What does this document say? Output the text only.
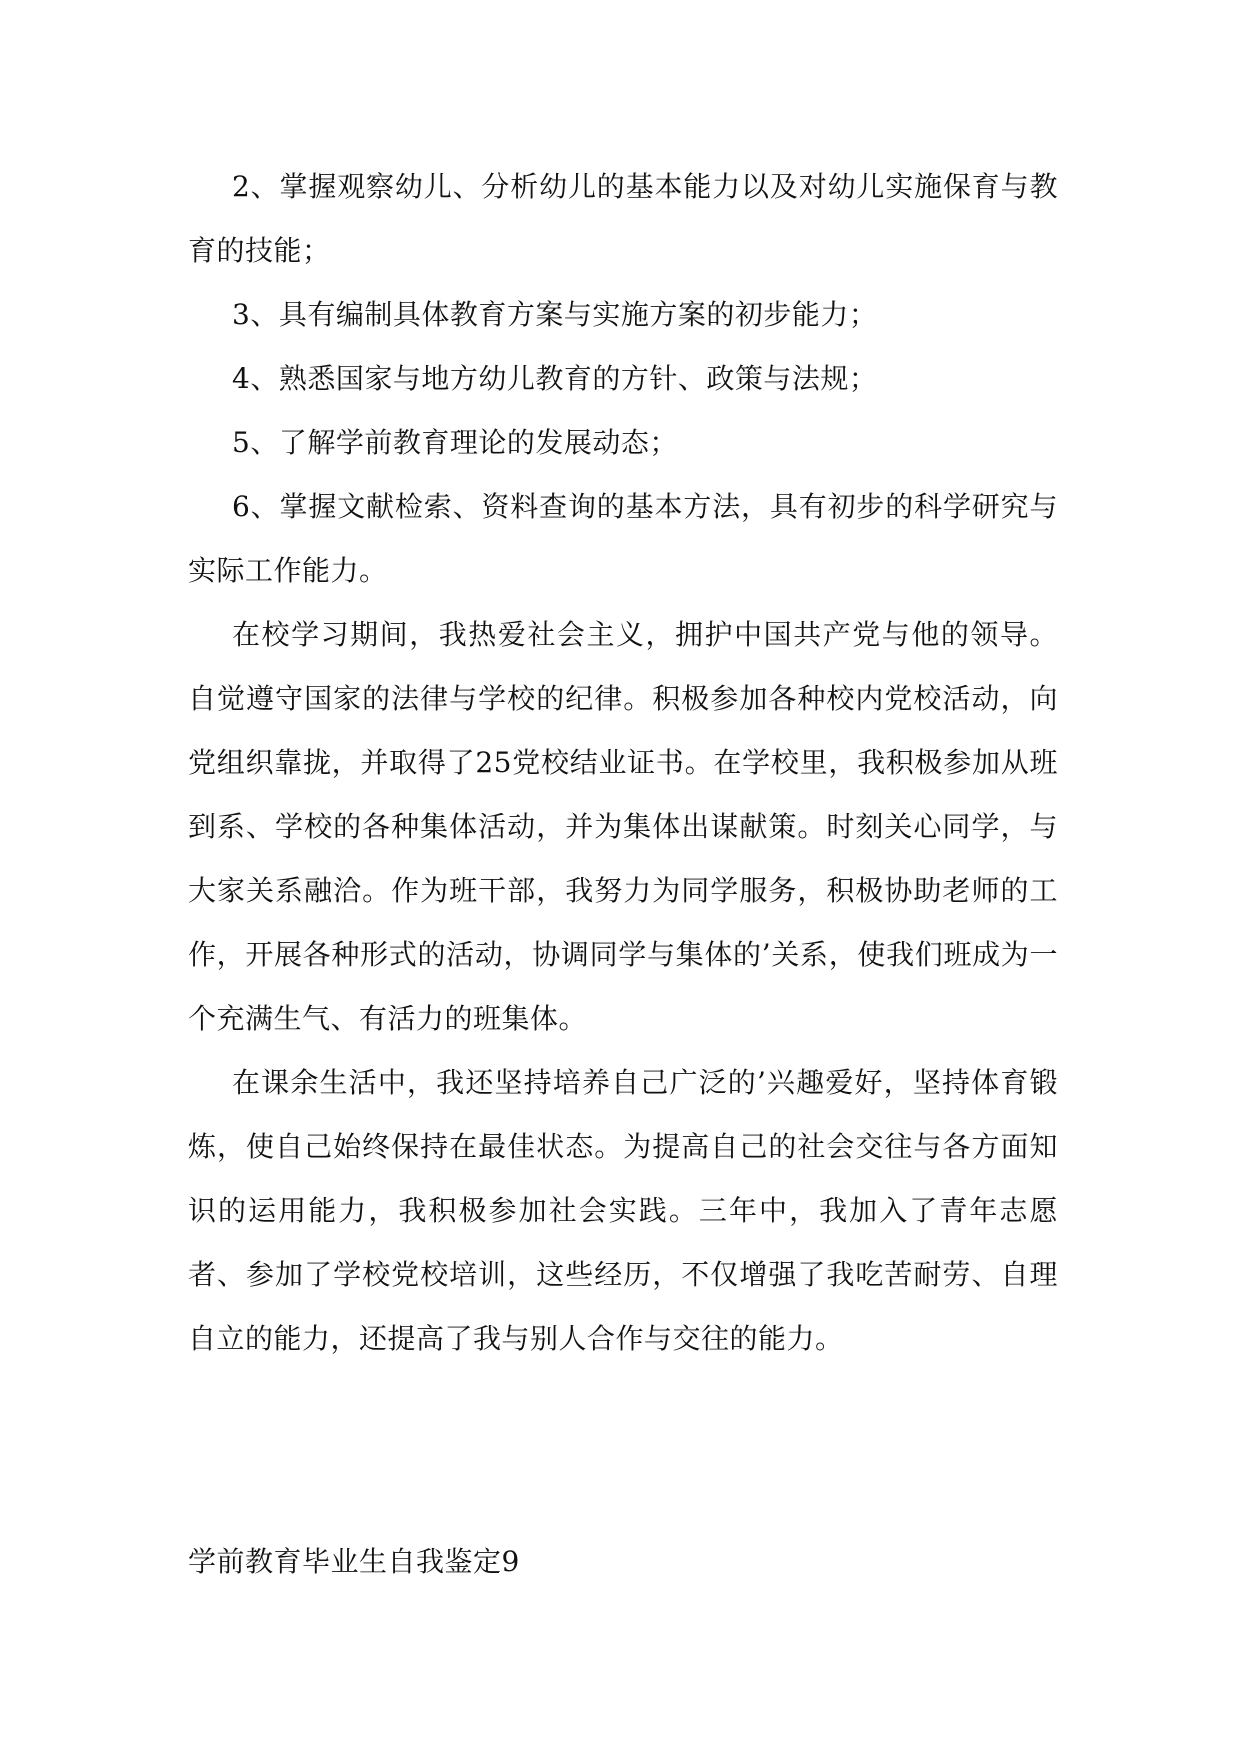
2、掌握观察幼儿、分析幼儿的基本能力以及对幼儿实施保育与教育的技能；

3、具有编制具体教育方案与实施方案的初步能力；

4、熟悉国家与地方幼儿教育的方针、政策与法规；

5、了解学前教育理论的发展动态；

6、掌握文献检索、资料查询的基本方法，具有初步的科学研究与实际工作能力。

在校学习期间，我热爱社会主义，拥护中国共产党与他的领导。自觉遵守国家的法律与学校的纪律。积极参加各种校内党校活动，向党组织靠拢，并取得了25党校结业证书。在学校里，我积极参加从班到系、学校的各种集体活动，并为集体出谋献策。时刻关心同学，与大家关系融洽。作为班干部，我努力为同学服务，积极协助老师的工作，开展各种形式的活动，协调同学与集体的’关系，使我们班成为一个充满生气、有活力的班集体。

在课余生活中，我还坚持培养自己广泛的’兴趣爱好，坚持体育锻炼，使自己始终保持在最佳状态。为提高自己的社会交往与各方面知识的运用能力，我积极参加社会实践。三年中，我加入了青年志愿者、参加了学校党校培训，这些经历，不仅增强了我吃苦耐劳、自理自立的能力，还提高了我与别人合作与交往的能力。

学前教育毕业生自我鉴定9
